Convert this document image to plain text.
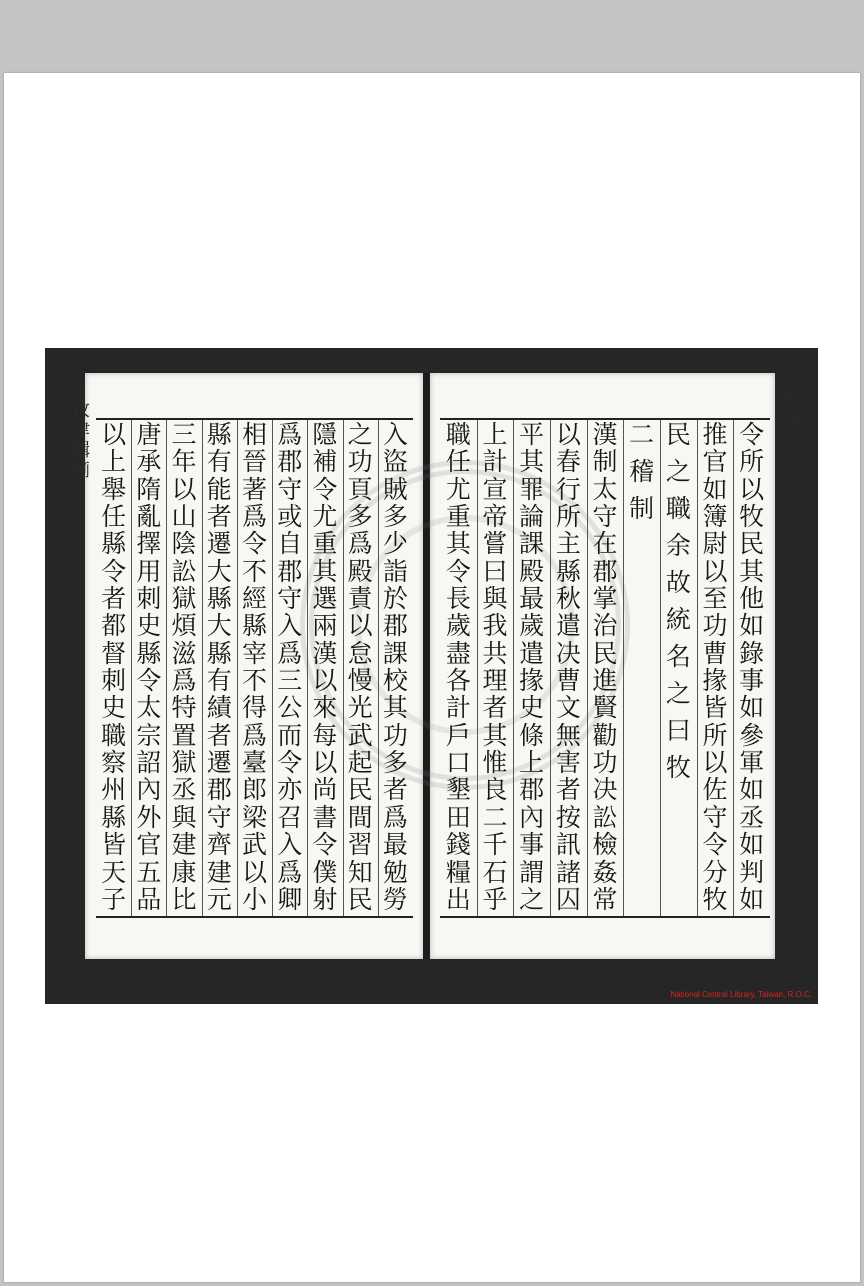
牧津輯䉧	牧津
三十
以
上
舉
任
縣
令
者
都
督
刺
史
職
察
州
縣
皆
天
子
唐
承
隋
亂
擇
用
刺
史
縣
令
太
宗
詔
內
外
官
五
品
三
年
以
山
陰
訟
獄
煩
滋
爲
特
置
獄
丞
與
建
康
比
縣
有
能
者
遷
大
縣
大
縣
有
績
者
遷
郡
守
齊
建
元
相
晉
著
爲
令
不
經
縣
宰
不
得
爲
臺
郎
梁
武
以
小
爲
郡
守
或
自
郡
守
入
爲
三
公
而
令
亦
召
入
爲
卿
隱
補
令
尤
重
其
選
兩
漢
以
來
每
以
尚
書
令
僕
射
之
功
頁
多
爲
殿
責
以
怠
慢
光
武
起
民
間
習
知
民
入
盜
賊
多
少
詣
於
郡
課
校
其
功
多
者
爲
最
勉
勞
職
任
尤
重
其
令
長
歲
盡
各
計
戶
口
墾
田
錢
糧
出
上
計
宣
帝
嘗
曰
與
我
共
理
者
其
惟
良
二
千
石
乎
平
其
罪
論
課
殿
最
歲
遣
掾
史
條
上
郡
內
事
謂
之
以
春
行
所
主
縣
秋
遣
决
曹
文
無
害
者
按
訊
諸
囚
漢
制
太
守
在
郡
掌
治
民
進
賢
勸
功
决
訟
檢
姦
常
二
稽
制
民
之
職
余
故
統
名
之
曰
牧
推
官
如
簿
尉
以
至
功
曹
掾
皆
所
以
佐
守
令
分
牧
令
所
以
牧
民
其
他
如
錄
事
如
參
軍
如
丞
如
判
如
National Central Library, Taiwan, R.O.C.
